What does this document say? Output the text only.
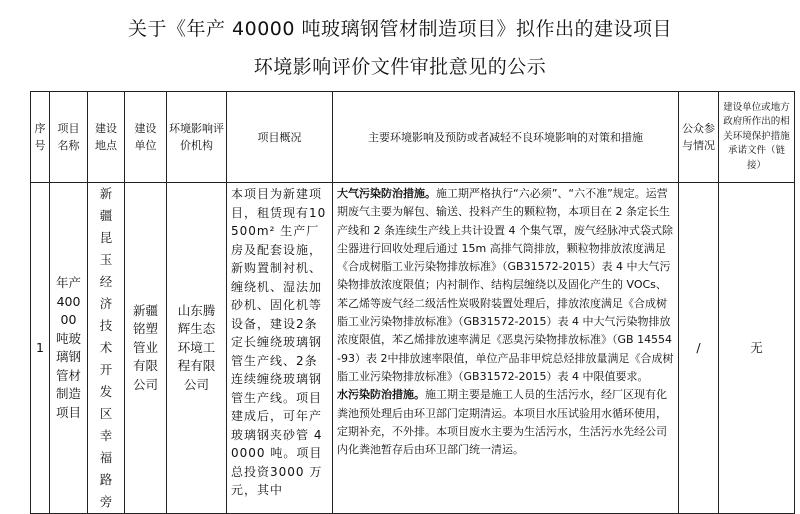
关于《年产 40000 吨玻璃钢管材制造项目》拟作出的建设项目
环境影响评价文件审批意见的公示
序号	项目名称	建设地点	建设单位	环境影响评价机构	项目概况	主要环境影响及预防或者减轻不良环境影响的对策和措施	公众参与情况	建设单位或地方政府所作出的相关环境保护措施承诺文件（链接）

1	年产40000吨玻璃钢管材制造项目	新疆昆玉经济技术开发区幸福路旁	新疆铭塑管业有限公司	山东腾辉生态环境工程有限公司	本项目为新建项目，租赁现有10500m² 生产厂房及配套设施，新购置制衬机、缠绕机、湿法加砂机、固化机等设备，建设2条定长缠绕玻璃钢管生产线、2条连续缠绕玻璃钢管生产线。项目建成后，可年产玻璃钢夹砂管 40000 吨。项目总投资3000 万元，其中	大气污染防治措施。施工期严格执行“六必须”、“六不准”规定。运营期废气主要为解包、输送、投料产生的颗粒物，本项目在 2 条定长生产线和 2 条连续生产线上共计设置 4 个集气罩，废气经脉冲式袋式除尘器进行回收处理后通过 15m 高排气筒排放，颗粒物排放浓度满足《合成树脂工业污染物排放标准》（GB31572-2015）表 4 中大气污染物排放浓度限值；内衬制作、结构层缠绕以及固化产生的 VOCs、苯乙烯等废气经二级活性炭吸附装置处理后，排放浓度满足《合成树脂工业污染物排放标准》（GB31572-2015）表 4 中大气污染物排放浓度限值，苯乙烯排放速率满足《恶臭污染物排放标准》（GB 14554-93）表 2中排放速率限值，单位产品非甲烷总烃排放量满足《合成树脂工业污染物排放标准》（GB31572-2015）表 4 中限值要求。
水污染防治措施。施工期主要是施工人员的生活污水，经厂区现有化粪池预处理后由环卫部门定期清运。本项目水压试验用水循环使用，定期补充，不外排。本项目废水主要为生活污水，生活污水先经公司内化粪池暂存后由环卫部门统一清运。	/	无
